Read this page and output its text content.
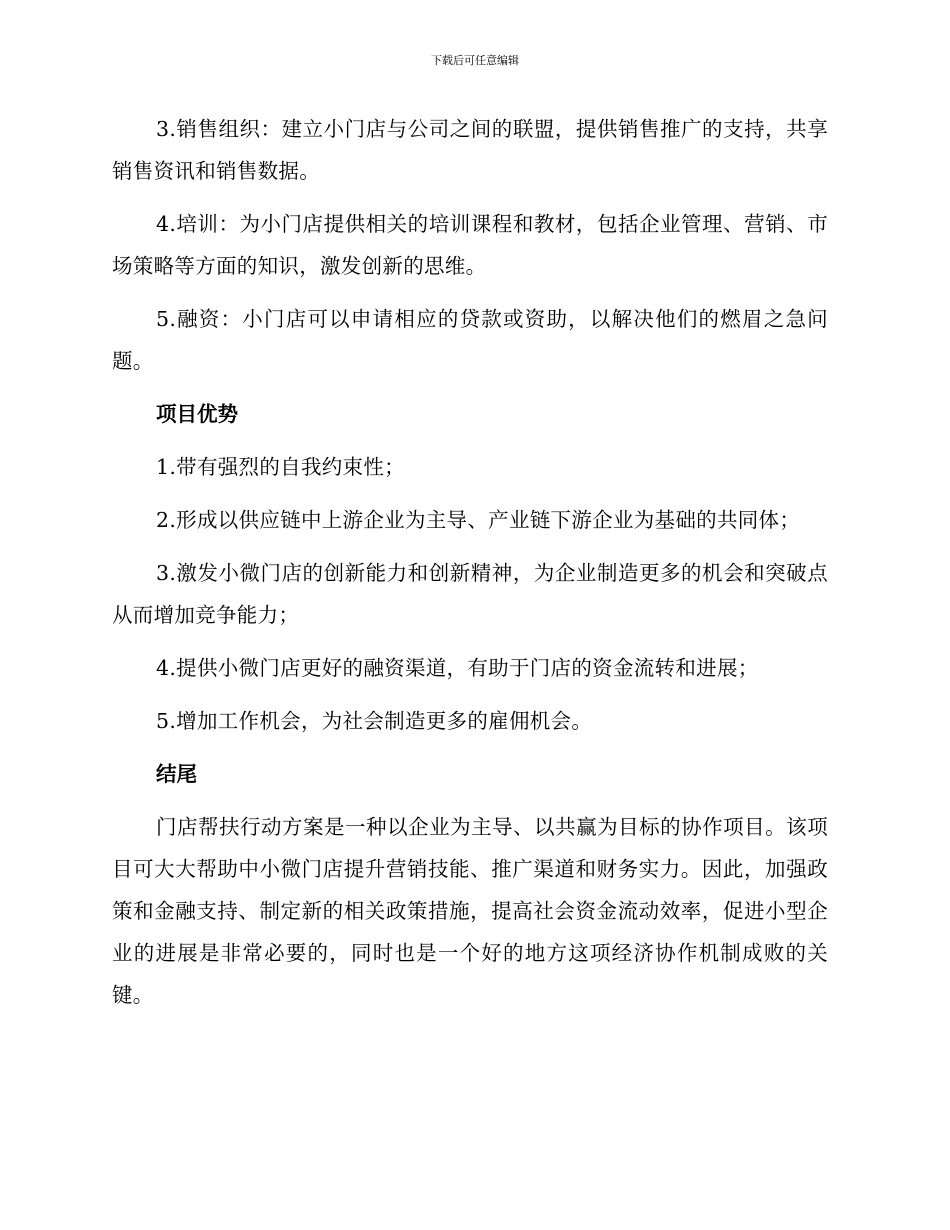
下载后可任意编辑

3.销售组织：建立小门店与公司之间的联盟，提供销售推广的支持，共享销售资讯和销售数据。

4.培训：为小门店提供相关的培训课程和教材，包括企业管理、营销、市场策略等方面的知识，激发创新的思维。

5.融资：小门店可以申请相应的贷款或资助，以解决他们的燃眉之急问题。

项目优势

1.带有强烈的自我约束性；

2.形成以供应链中上游企业为主导、产业链下游企业为基础的共同体；

3.激发小微门店的创新能力和创新精神，为企业制造更多的机会和突破点从而增加竞争能力；

4.提供小微门店更好的融资渠道，有助于门店的资金流转和进展；

5.增加工作机会，为社会制造更多的雇佣机会。

结尾

门店帮扶行动方案是一种以企业为主导、以共赢为目标的协作项目。该项目可大大帮助中小微门店提升营销技能、推广渠道和财务实力。因此，加强政策和金融支持、制定新的相关政策措施，提高社会资金流动效率，促进小型企业的进展是非常必要的，同时也是一个好的地方这项经济协作机制成败的关键。
